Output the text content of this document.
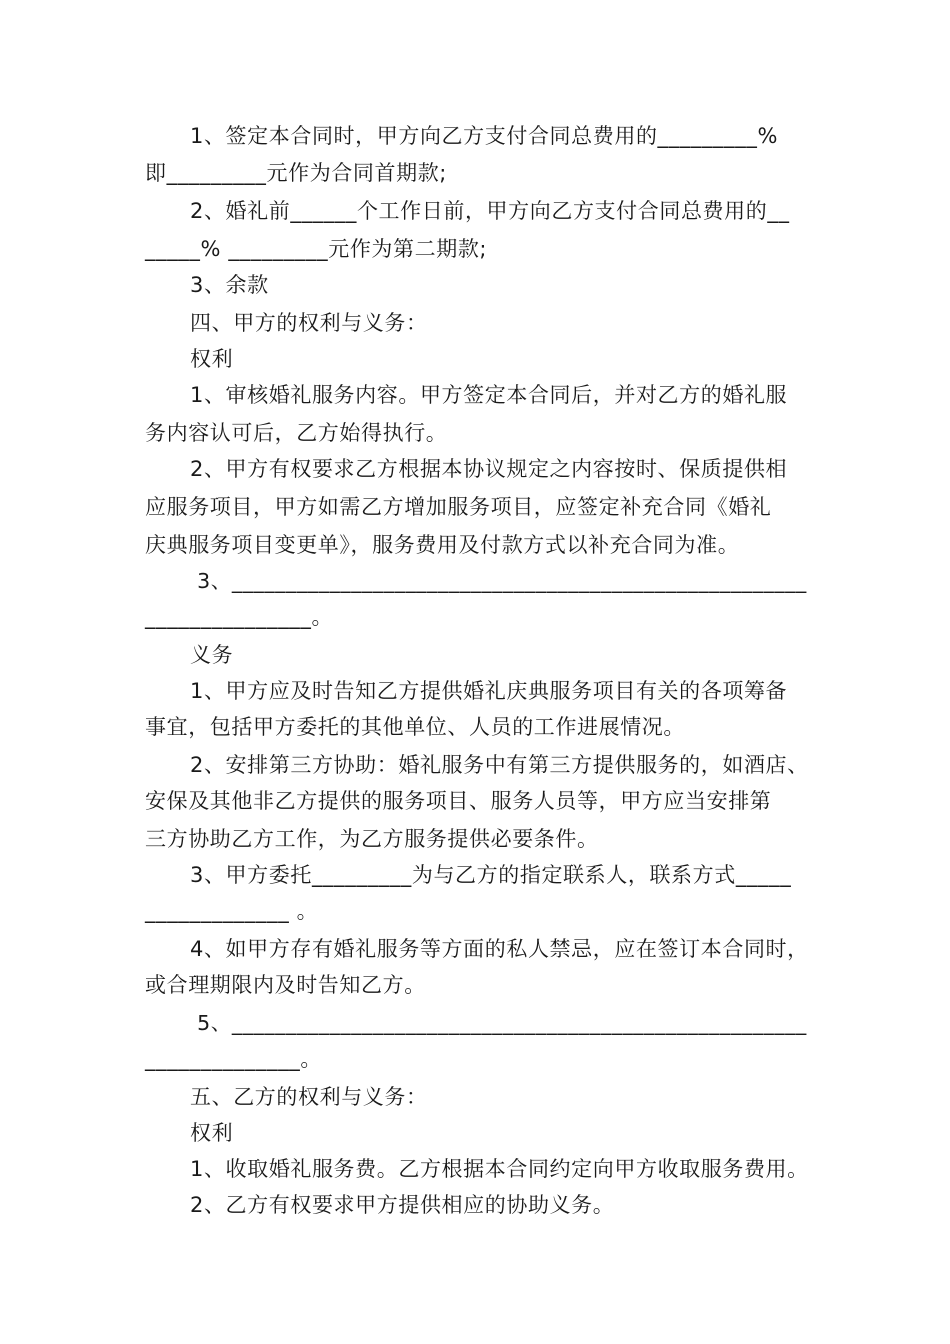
1、签定本合同时，甲方向乙方支付合同总费用的_________%
即_________元作为合同首期款;
2、婚礼前______个工作日前，甲方向乙方支付合同总费用的__
_____% _________元作为第二期款;
3、余款
四、甲方的权利与义务：
权利
1、审核婚礼服务内容。甲方签定本合同后，并对乙方的婚礼服
务内容认可后，乙方始得执行。
2、甲方有权要求乙方根据本协议规定之内容按时、保质提供相
应服务项目，甲方如需乙方增加服务项目，应签定补充合同《婚礼
庆典服务项目变更单》，服务费用及付款方式以补充合同为准。
3、_____________________________________________________
_______________。
义务
1、甲方应及时告知乙方提供婚礼庆典服务项目有关的各项筹备
事宜，包括甲方委托的其他单位、人员的工作进展情况。
2、安排第三方协助：婚礼服务中有第三方提供服务的，如酒店、
安保及其他非乙方提供的服务项目、服务人员等，甲方应当安排第
三方协助乙方工作，为乙方服务提供必要条件。
3、甲方委托_________为与乙方的指定联系人，联系方式_____
_____________ 。
4、如甲方存有婚礼服务等方面的私人禁忌，应在签订本合同时，
或合理期限内及时告知乙方。
5、_____________________________________________________
______________。
五、乙方的权利与义务：
权利
1、收取婚礼服务费。乙方根据本合同约定向甲方收取服务费用。
2、乙方有权要求甲方提供相应的协助义务。
